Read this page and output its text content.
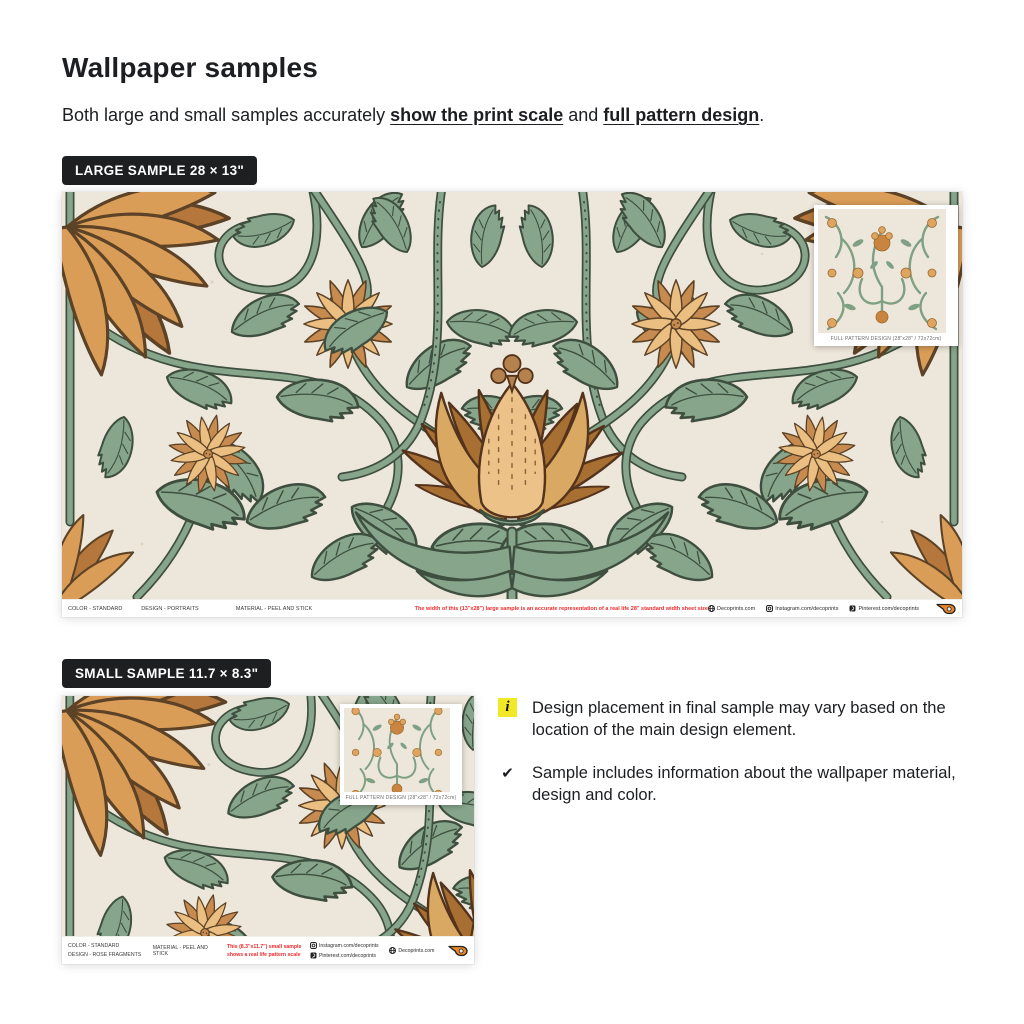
Wallpaper samples

Both large and small samples accurately show the print scale and full pattern design.

LARGE SAMPLE 28 × 13"
FULL PATTERN DESIGN (28"x28" / 72x72cm)
COLOR - STANDARD	DESIGN - PORTRAITS	MATERIAL - PEEL AND STICK	The width of this (13"x28") large sample is an accurate representation of a real life 28" standard width sheet size Decoprints.com	Instagram.com/decoprints	Pinterest.com/decoprints
SMALL SAMPLE 11.7 × 8.3"
FULL PATTERN DESIGN (28"x28" / 72x72cm)
COLOR - STANDARD
DESIGN - ROSE FRAGMENTS
MATERIAL - PEEL AND STICK
This (8.3"x11.7") small sample
shows a real life pattern scale
Instagram.com/decoprints
Pinterest.com/decoprints
Decoprints.com
i	Design placement in final sample may vary based on the location of the main design element.

✔ Sample includes information about the wallpaper material, design and color.
